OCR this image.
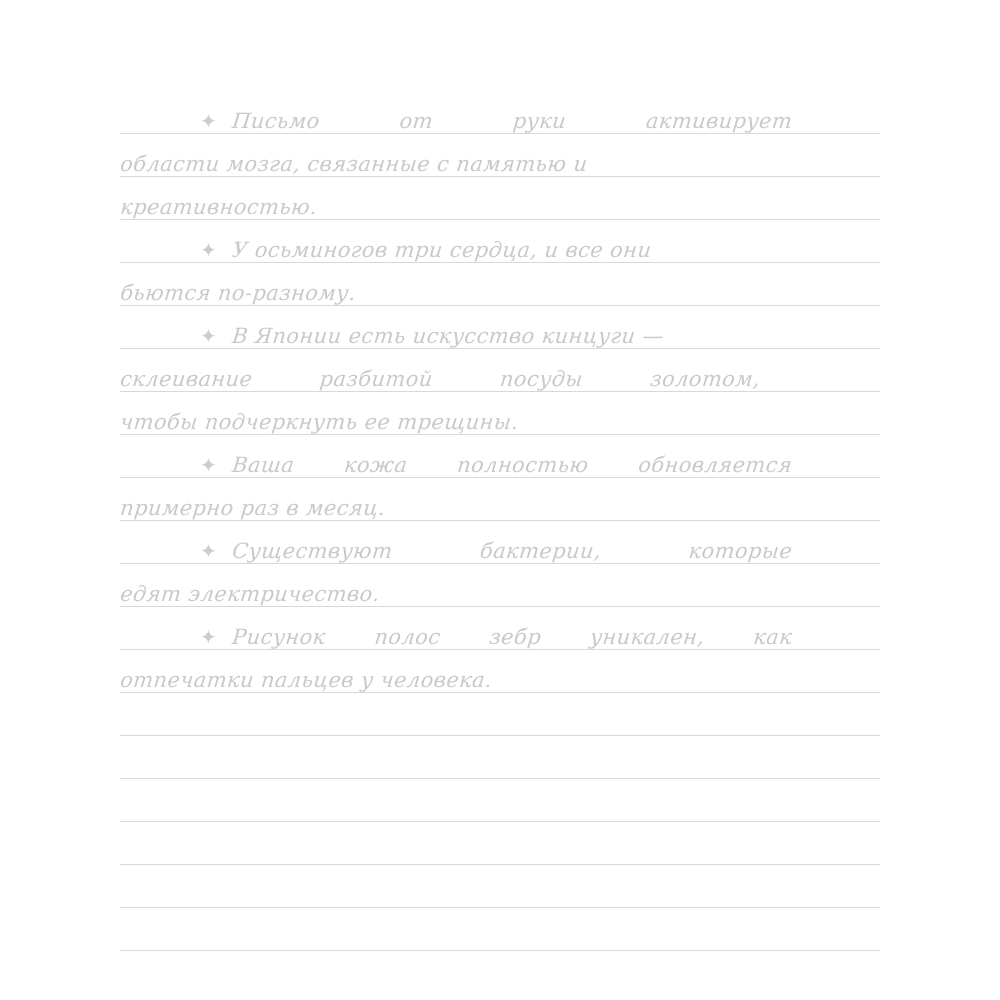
✦ Письмо	от	руки	активирует
области мозга, связанные с памятью и
креативностью.
✦ У осьминогов три сердца, и все они
бьются по-разному.
✦ В Японии есть искусство кинцуги —
склеивание	разбитой	посуды	золотом,
чтобы подчеркнуть ее трещины.
✦ Ваша кожа полностью обновляется
примерно раз в месяц.
✦ Существуют	бактерии,	которые
едят электричество.
✦ Рисунок полос зебр уникален, как
отпечатки пальцев у человека.
